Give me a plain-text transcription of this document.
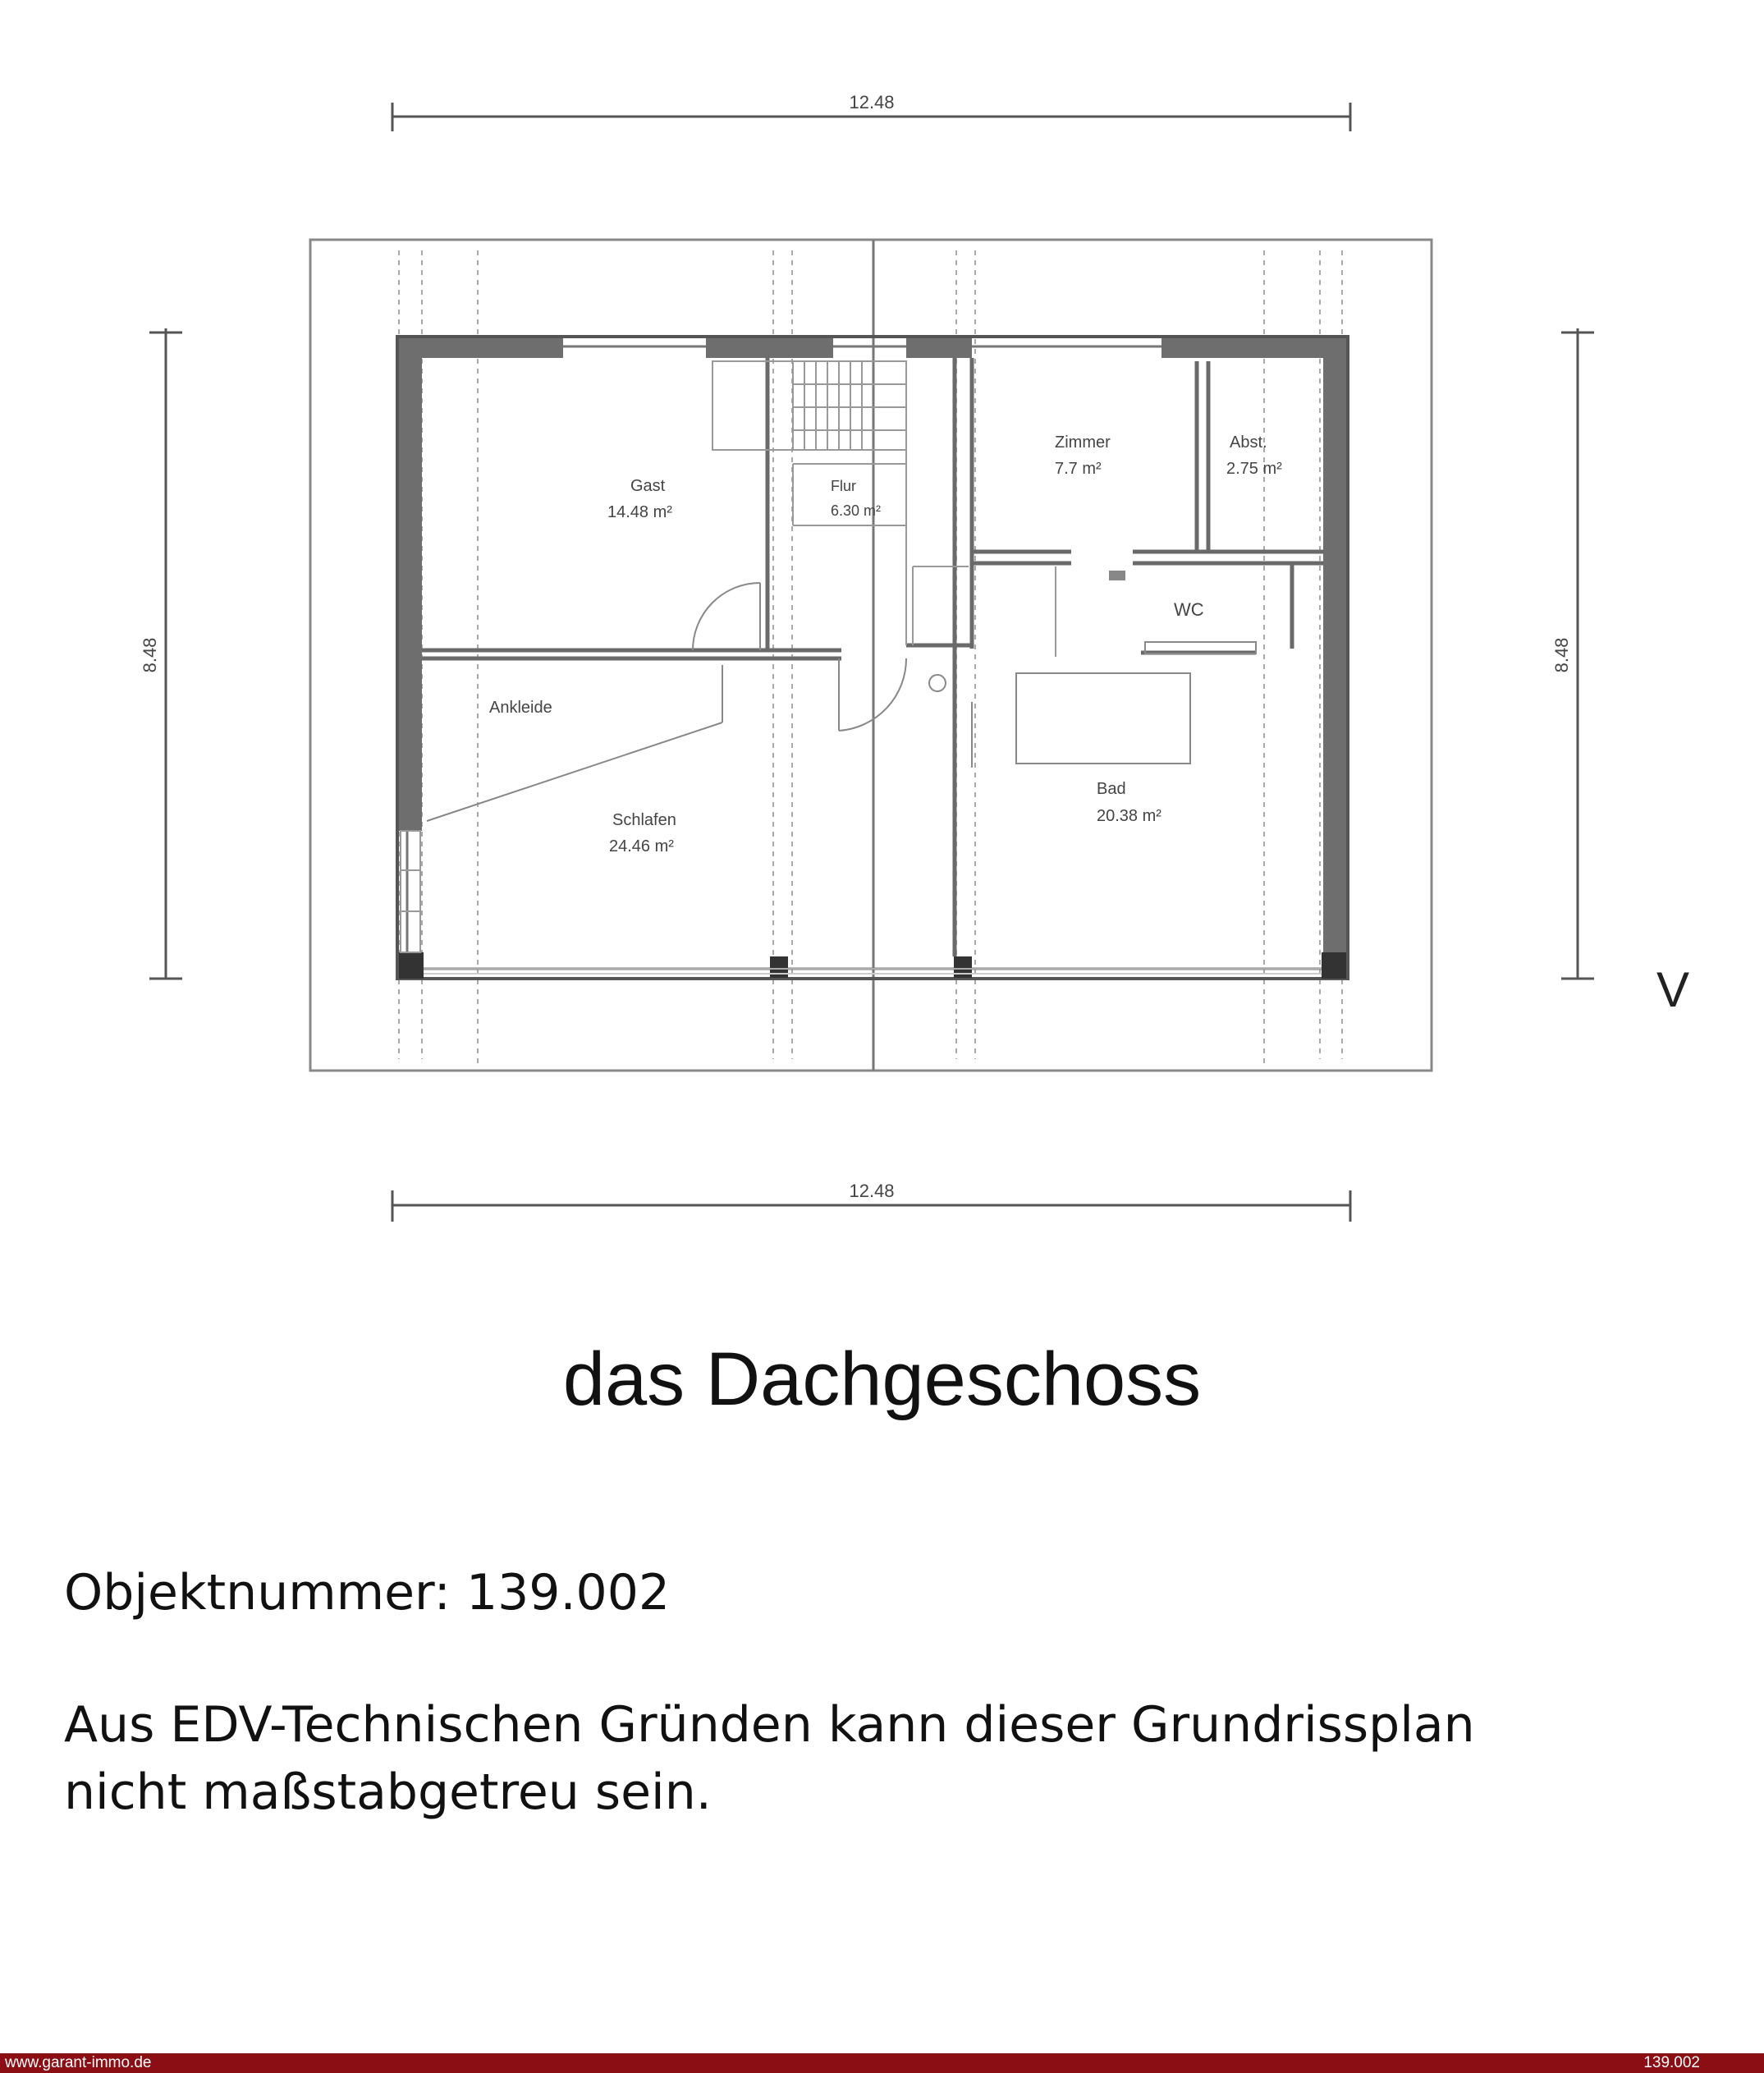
12.48
12.48
8.48	8.48
Gast
14.48 m²
Flur
6.30 m²
Zimmer
7.7 m²
Abst.
2.75 m²
WC
Ankleide
Schlafen
24.46 m²
Bad
20.38 m²
V
das Dachgeschoss
Objektnummer: 139.002
Aus EDV-Technischen Gründen kann dieser Grundrissplan
nicht maßstabgetreu sein.
www.garant-immo.de	139.002
